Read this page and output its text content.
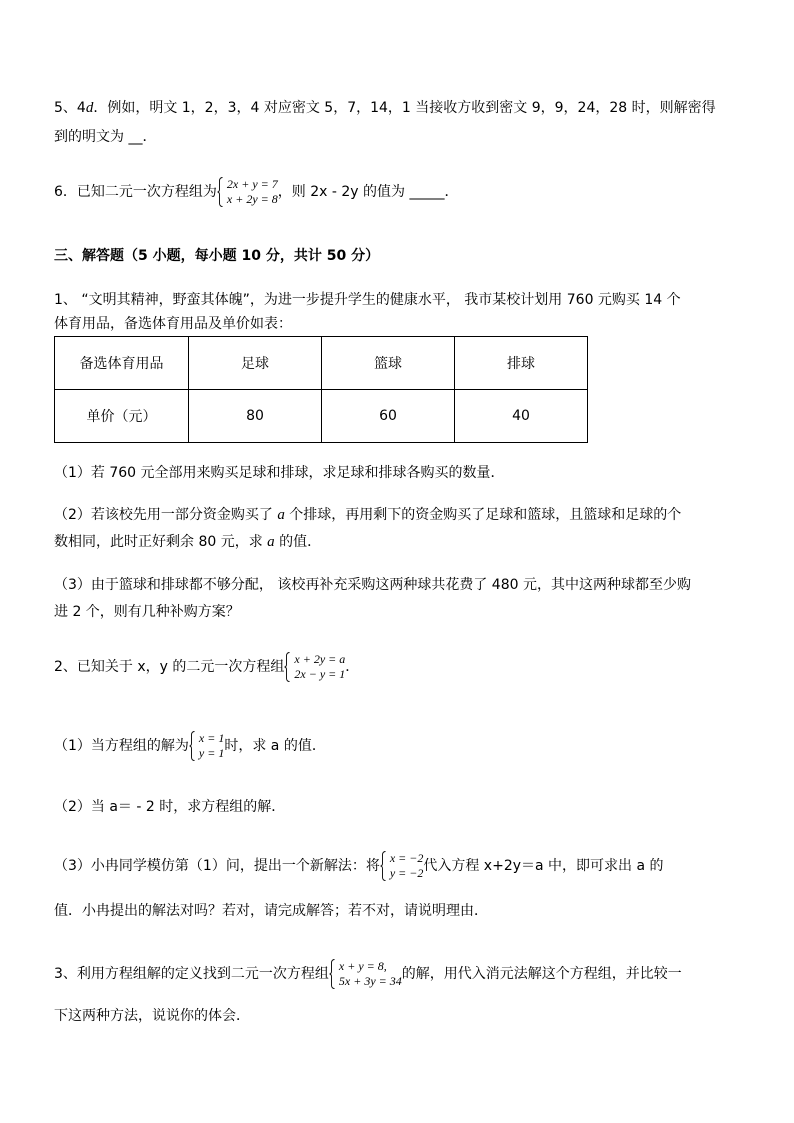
5、4d．例如，明文 1，2，3，4 对应密文 5，7，14，1 当接收方收到密文 9，9，24，28 时，则解密得
到的明文为 __．
6．已知二元一次方程组为 2x + y = 7
x + 2y = 8 ，则 2x - 2y 的值为 _____．
三、解答题（5 小题，每小题 10 分，共计 50 分）
1、 “文明其精神，野蛮其体魄”，为进一步提升学生的健康水平， 我市某校计划用 760 元购买 14 个
体育用品，备选体育用品及单价如表：
备选体育用品	足球	篮球	排球
单价（元）	80	60	40
（1）若 760 元全部用来购买足球和排球，求足球和排球各购买的数量．
（2）若该校先用一部分资金购买了 a 个排球，再用剩下的资金购买了足球和篮球，且篮球和足球的个
数相同，此时正好剩余 80 元，求 a 的值．
（3）由于篮球和排球都不够分配， 该校再补充采购这两种球共花费了 480 元，其中这两种球都至少购
进 2 个，则有几种补购方案？
2、已知关于 x，y 的二元一次方程组 x + 2y = a
2x − y = 1 ．
（1）当方程组的解为 x = 1
y = 1 时，求 a 的值．
（2）当 a＝ - 2 时，求方程组的解．
（3）小冉同学模仿第（1）问，提出一个新解法：将 x = −2
y = −2 代入方程 x+2y＝a 中，即可求出 a 的
值．小冉提出的解法对吗？若对，请完成解答；若不对，请说明理由．
3、利用方程组解的定义找到二元一次方程组 x + y = 8,
5x + 3y = 34 的解，用代入消元法解这个方程组，并比较一
下这两种方法，说说你的体会．
